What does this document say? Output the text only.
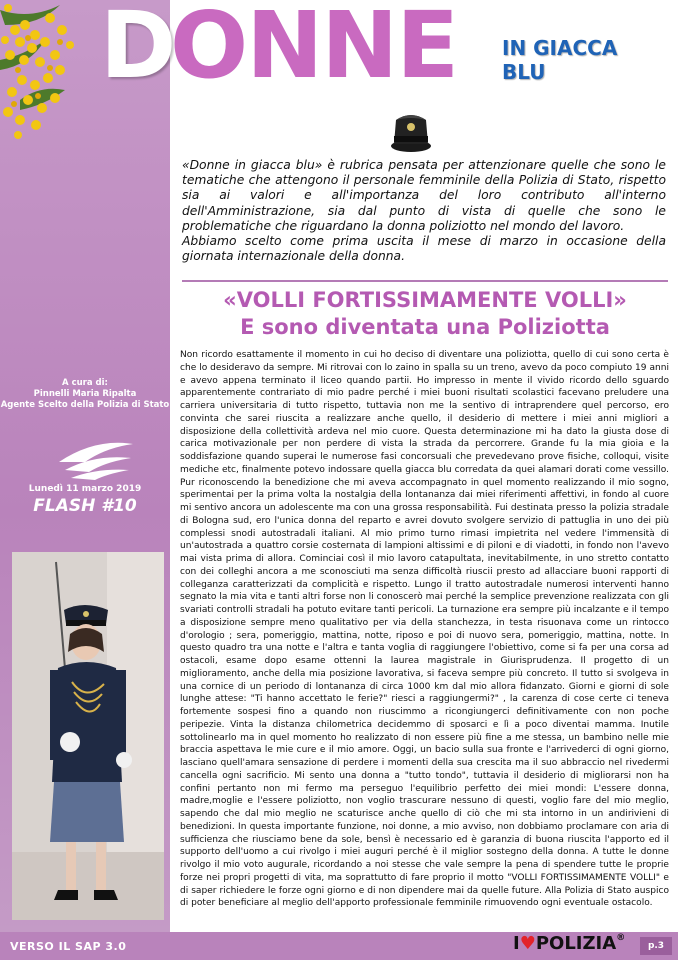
D
ONNE IN GIACCA
BLU

«Donne in giacca blu» è rubrica pensata per attenzionare quelle che sono le tematiche che attengono il personale femminile della Polizia di Stato, rispetto sia ai valori e all'importanza del loro contributo all'interno dell'Amministrazione, sia dal punto di vista di quelle che sono le problematiche che riguardano la donna poliziotto nel mondo del lavoro.

Abbiamo scelto come prima uscita il mese di marzo in occasione della giornata internazionale della donna.

«VOLLI FORTISSIMAMENTE VOLLI»
E sono diventata una Poliziotta
Non ricordo esattamente il momento in cui ho deciso di diventare una poliziotta, quello di cui sono certa è che lo desideravo da sempre. Mi ritrovai con lo zaino in spalla su un treno, avevo da poco compiuto 19 anni e avevo appena terminato il liceo quando partii. Ho impresso in mente il vivido ricordo dello sguardo apparentemente contrariato di mio padre perché i miei buoni risultati scolastici facevano preludere una carriera universitaria di tutto rispetto, tuttavia non me la sentivo di intraprendere quel percorso, ero convinta che sarei riuscita a realizzare anche quello, il desiderio di mettere i miei anni migliori a disposizione della collettività ardeva nel mio cuore. Questa determinazione mi ha dato la giusta dose di carica motivazionale per non perdere di vista la strada da percorrere. Grande fu la mia gioia e la soddisfazione quando superai le numerose fasi concorsuali che prevedevano prove fisiche, colloqui, visite mediche etc, finalmente potevo indossare quella giacca blu corredata da quei alamari dorati come vessillo. Pur riconoscendo la benedizione che mi aveva accompagnato in quel momento realizzando il mio sogno, sperimentai per la prima volta la nostalgia della lontananza dai miei riferimenti affettivi, in fondo al cuore mi sentivo ancora un adolescente ma con una grossa responsabilità. Fui destinata presso la polizia stradale di Bologna sud, ero l'unica donna del reparto e avrei dovuto svolgere servizio di pattuglia in uno dei più complessi snodi autostradali italiani. Al mio primo turno rimasi impietrita nel vedere l'immensità di un'autostrada a quattro corsie costernata di lampioni altissimi e di piloni e di viadotti, in fondo non l'avevo mai vista prima di allora. Cominciai così il mio lavoro catapultata, inevitabilmente, in uno stretto contatto con dei colleghi ancora a me sconosciuti ma senza difficoltà riuscii presto ad allacciare buoni rapporti di colleganza caratterizzati da complicità e rispetto. Lungo il tratto autostradale numerosi interventi hanno segnato la mia vita e tanti altri forse non li conoscerò mai perché la semplice prevenzione realizzata con gli svariati controlli stradali ha potuto evitare tanti pericoli. La turnazione era sempre più incalzante e il tempo a disposizione sempre meno qualitativo per via della stanchezza, in testa risuonava come un rintocco d'orologio ; sera, pomeriggio, mattina, notte, riposo e poi di nuovo sera, pomeriggio, mattina, notte. In questo quadro tra una notte e l'altra e tanta voglia di raggiungere l'obiettivo, come si fa per una corsa ad ostacoli, esame dopo esame ottenni la laurea magistrale in Giurisprudenza. Il progetto di un miglioramento, anche della mia posizione lavorativa, si faceva sempre più concreto. Il tutto si svolgeva in una cornice di un periodo di lontananza di circa 1000 km dal mio allora fidanzato. Giorni e giorni di sole lunghe attese: "Ti hanno accettato le ferie?" riesci a raggiungermi?" , la carenza di cose certe ci teneva fortemente sospesi fino a quando non riuscimmo a ricongiungerci definitivamente con non poche peripezie. Vinta la distanza chilometrica decidemmo di sposarci e lì a poco diventai mamma. Inutile sottolinearlo ma in quel momento ho realizzato di non essere più fine a me stessa, un bambino nelle mie braccia aspettava le mie cure e il mio amore. Oggi, un bacio sulla sua fronte e l'arrivederci di ogni giorno, lasciano quell'amara sensazione di perdere i momenti della sua crescita ma il suo abbraccio nel rivedermi cancella ogni sacrificio. Mi sento una donna a "tutto tondo", tuttavia il desiderio di migliorarsi non ha confini pertanto non mi fermo ma perseguo l'equilibrio perfetto dei miei mondi: L'essere donna, madre,moglie e l'essere poliziotto, non voglio trascurare nessuno di questi, voglio fare del mio meglio, sapendo che dal mio meglio ne scaturisce anche quello di ciò che mi sta intorno in un andirivieni di benedizioni. In questa importante funzione, noi donne, a mio avviso, non dobbiamo proclamare con aria di sufficienza che riusciamo bene da sole, bensì è necessario ed è garanzia di buona riuscita l'apporto ed il supporto dell'uomo a cui rivolgo i miei auguri perché è il miglior sostegno della donna. A tutte le donne rivolgo il mio voto augurale, ricordando a noi stesse che vale sempre la pena di spendere tutte le proprie forze nei propri progetti di vita, ma soprattutto di fare proprio il motto "VOLLI FORTISSIMAMENTE VOLLI" e di saper richiedere le forze ogni giorno e di non dipendere mai da quelle future. Alla Polizia di Stato auspico di poter beneficiare al meglio dell'apporto professionale femminile rimuovendo ogni eventuale ostacolo.
A cura di:
Pinnelli Maria Ripalta
Agente Scelto della Polizia di Stato
Lunedì 11 marzo 2019
FLASH #10
VERSO IL SAP 3.0	I♥POLIZIA®
p.3
